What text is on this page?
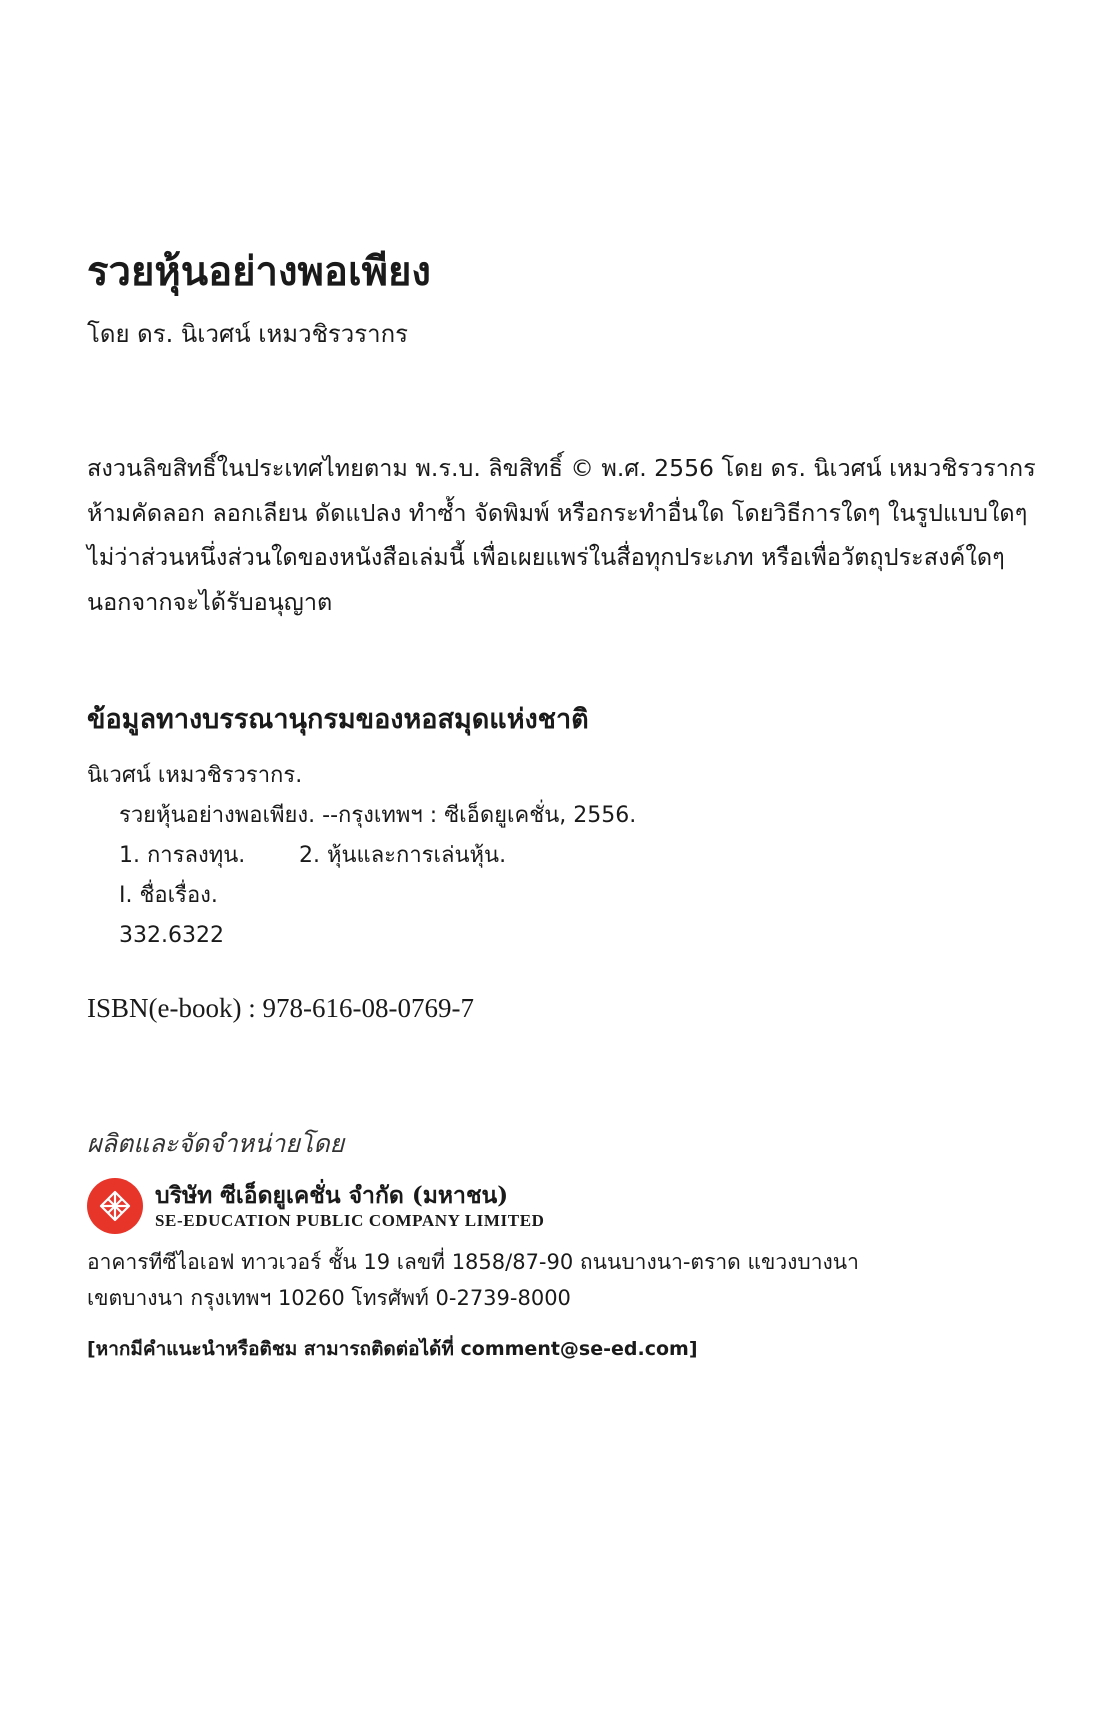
รวยหุ้นอย่างพอเพียง

โดย ดร. นิเวศน์ เหมวชิรวรากร

สงวนลิขสิทธิ์ในประเทศไทยตาม พ.ร.บ. ลิขสิทธิ์ © พ.ศ. 2556 โดย ดร. นิเวศน์ เหมวชิรวรากร
ห้ามคัดลอก ลอกเลียน ดัดแปลง ทำซ้ำ จัดพิมพ์ หรือกระทำอื่นใด โดยวิธีการใดๆ ในรูปแบบใดๆ
ไม่ว่าส่วนหนึ่งส่วนใดของหนังสือเล่มนี้ เพื่อเผยแพร่ในสื่อทุกประเภท หรือเพื่อวัตถุประสงค์ใดๆ
นอกจากจะได้รับอนุญาต
ข้อมูลทางบรรณานุกรมของหอสมุดแห่งชาติ
นิเวศน์ เหมวชิรวรากร.
รวยหุ้นอย่างพอเพียง. --กรุงเทพฯ : ซีเอ็ดยูเคชั่น, 2556.
1. การลงทุน.	2. หุ้นและการเล่นหุ้น.
I. ชื่อเรื่อง.
332.6322

ISBN(e-book) : 978-616-08-0769-7

ผลิตและจัดจำหน่ายโดย

บริษัท ซีเอ็ดยูเคชั่น จำกัด (มหาชน)
SE-EDUCATION PUBLIC COMPANY LIMITED
อาคารทีซีไอเอฟ ทาวเวอร์ ชั้น 19 เลขที่ 1858/87-90 ถนนบางนา-ตราด แขวงบางนา
เขตบางนา กรุงเทพฯ 10260 โทรศัพท์ 0-2739-8000

[หากมีคำแนะนำหรือติชม สามารถติดต่อได้ที่ comment@se-ed.com]
